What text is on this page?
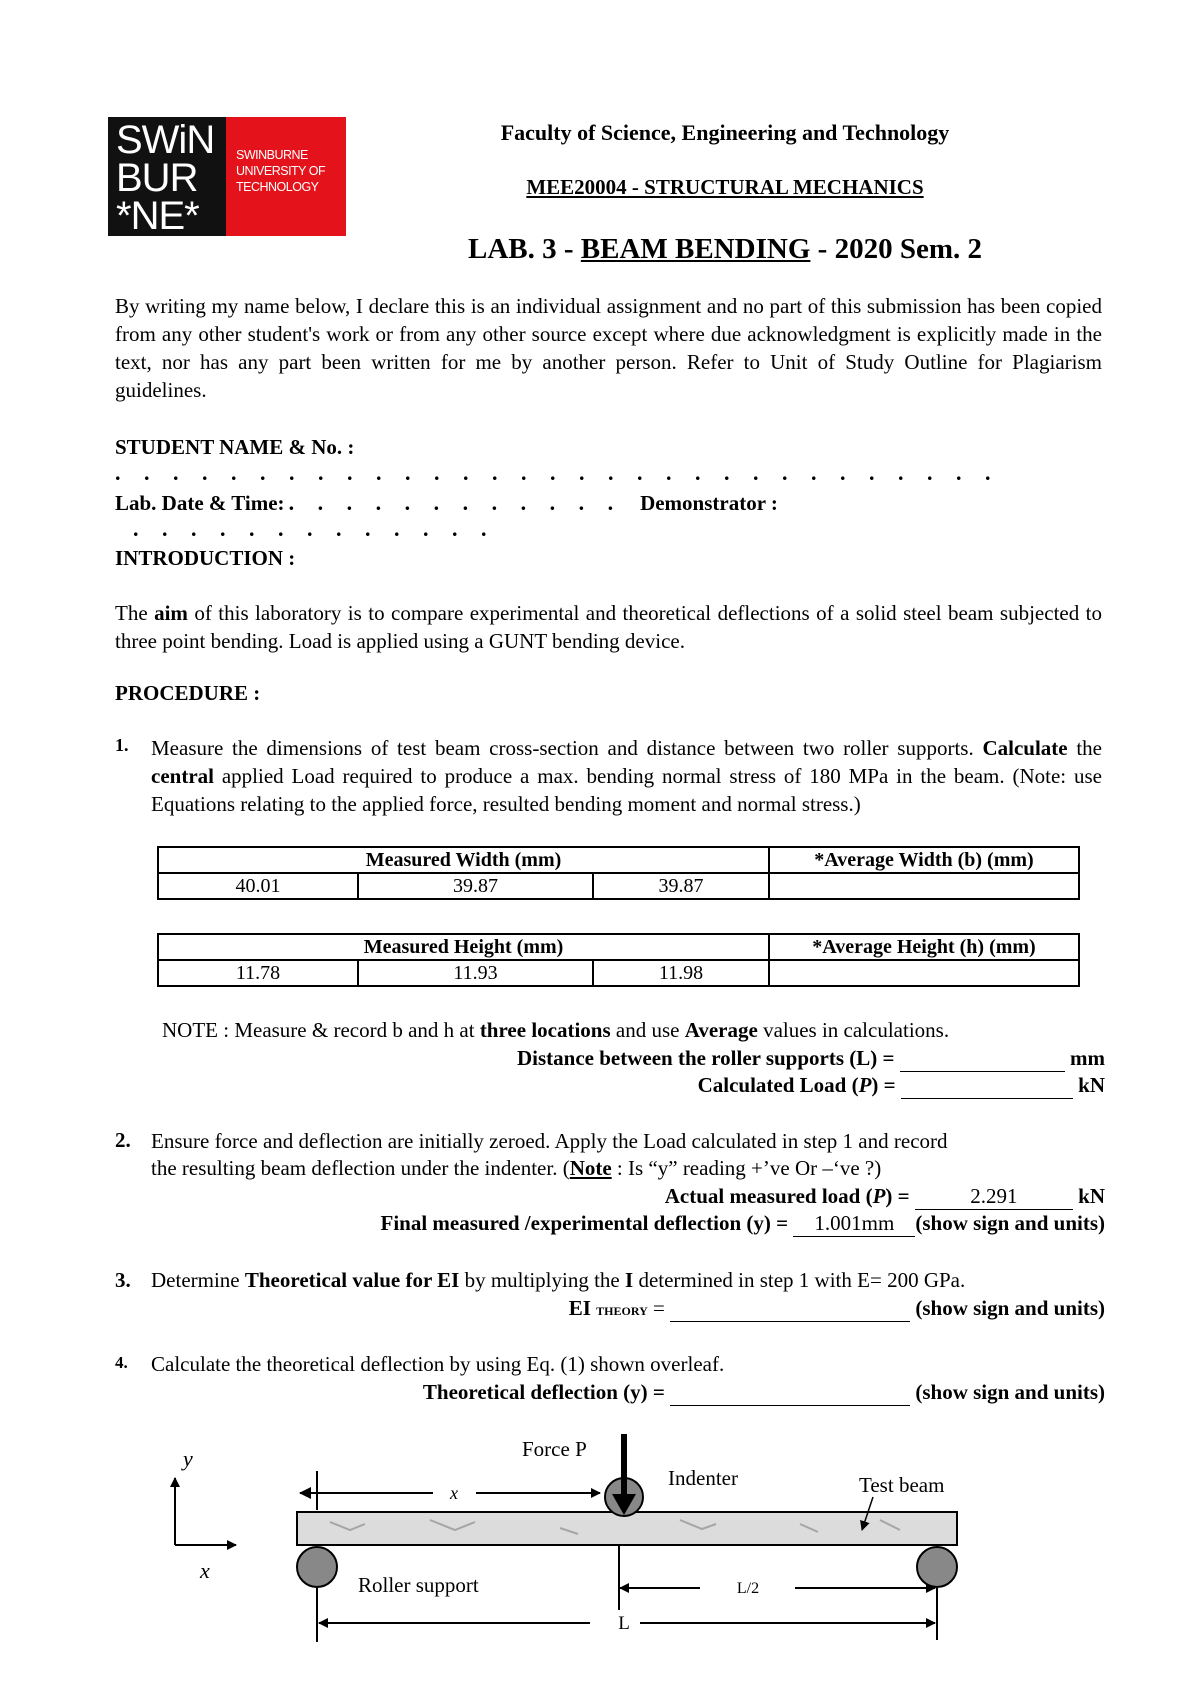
SWiN
BUR
*NE*
SWINBURNE
UNIVERSITY OF
TECHNOLOGY
Faculty of Science, Engineering and Technology
MEE20004 - STRUCTURAL MECHANICS
LAB. 3 - BEAM BENDING - 2020 Sem. 2
By writing my name below, I declare this is an individual assignment and no part of this submission has been copied from any other student's work or from any other source except where due acknowledgment is explicitly made in the text, nor has any part been written for me by another person. Refer to Unit of Study Outline for Plagiarism guidelines.
STUDENT NAME & No. : . . . . . . . . . . . . . . . . . . . . . . . . . . . . . . .
Lab. Date & Time: . . . . . . . . . . . . Demonstrator : . . . . . . . . . . . . .
INTRODUCTION :
The aim of this laboratory is to compare experimental and theoretical deflections of a solid steel beam subjected to three point bending. Load is applied using a GUNT bending device.
PROCEDURE :
1. Measure the dimensions of test beam cross-section and distance between two roller supports. Calculate the central applied Load required to produce a max. bending normal stress of 180 MPa in the beam. (Note: use Equations relating to the applied force, resulted bending moment and normal stress.)
Measured Width (mm)			*Average Width (b) (mm)
40.01	39.87	39.87	
Measured Height (mm)			*Average Height (h) (mm)
11.78	11.93	11.98	
NOTE : Measure & record b and h at three locations and use Average values in calculations.
Distance between the roller supports (L) =	mm
Calculated Load (P) =	kN
2. Ensure force and deflection are initially zeroed. Apply the Load calculated in step 1 and record
the resulting beam deflection under the indenter. (Note : Is “y” reading +’ve Or –‘ve ?)
Actual measured load (P) =	2.291	kN
Final measured /experimental deflection (y) = 1.001mm (show sign and units)
3. Determine Theoretical value for EI by multiplying the I determined in step 1 with E= 200 GPa.
EI THEORY =	(show sign and units)
4. Calculate the theoretical deflection by using Eq. (1) shown overleaf.
Theoretical deflection (y) =	(show sign and units)
y
x
Force P
Indenter	Test beam
x
Roller support	L/2
L
